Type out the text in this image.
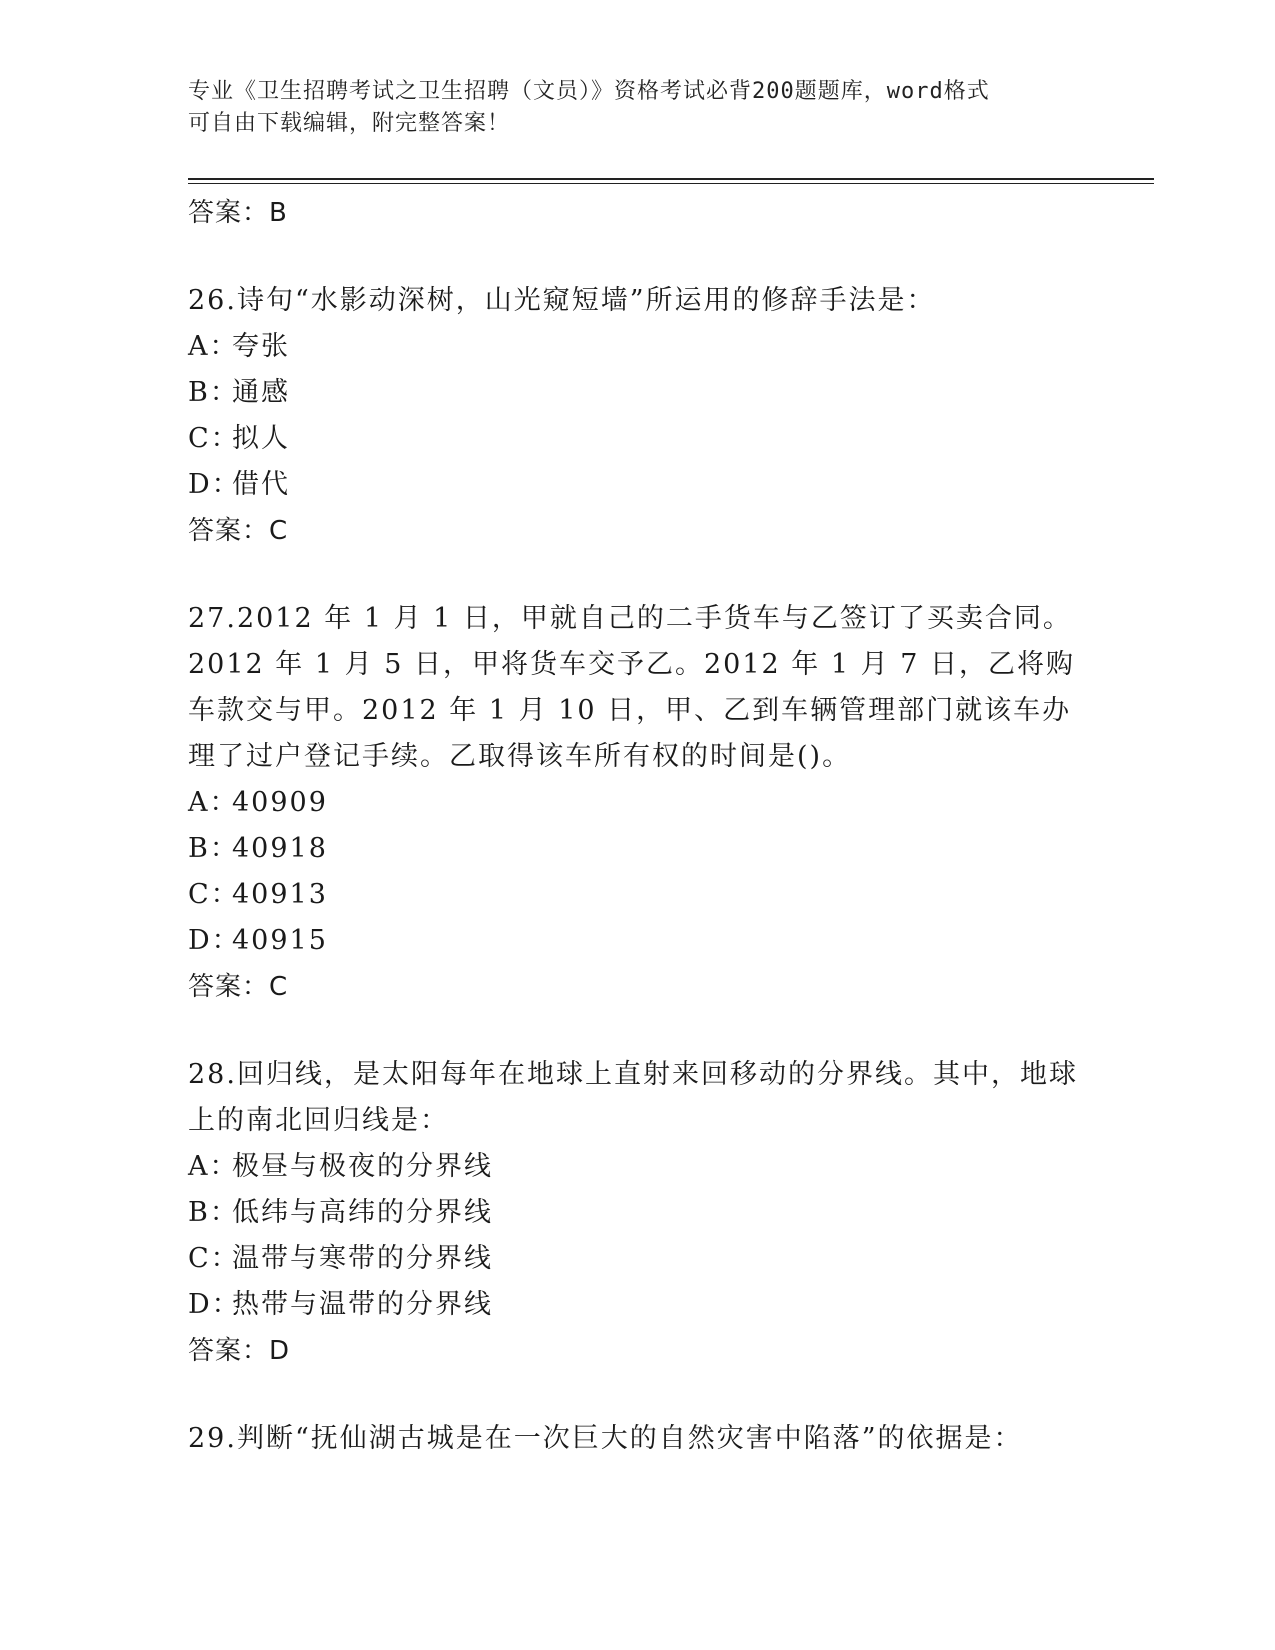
专业《卫生招聘考试之卫生招聘（文员）》资格考试必背200题题库，word格式
可自由下载编辑，附完整答案！
答案：B

26.诗句“水影动深树，山光窥短墙”所运用的修辞手法是：

A：夸张
B：通感
C：拟人
D：借代
答案：C

27.2012 年 1 月 1 日，甲就自己的二手货车与乙签订了买卖合同。2012 年 1 月 5 日，甲将货车交予乙。2012 年 1 月 7 日，乙将购车款交与甲。2012 年 1 月 10 日，甲、乙到车辆管理部门就该车办理了过户登记手续。乙取得该车所有权的时间是()。

A：40909
B：40918
C：40913
D：40915
答案：C

28.回归线，是太阳每年在地球上直射来回移动的分界线。其中，地球上的南北回归线是：

A：极昼与极夜的分界线
B：低纬与高纬的分界线
C：温带与寒带的分界线
D：热带与温带的分界线
答案：D

29.判断“抚仙湖古城是在一次巨大的自然灾害中陷落”的依据是：
